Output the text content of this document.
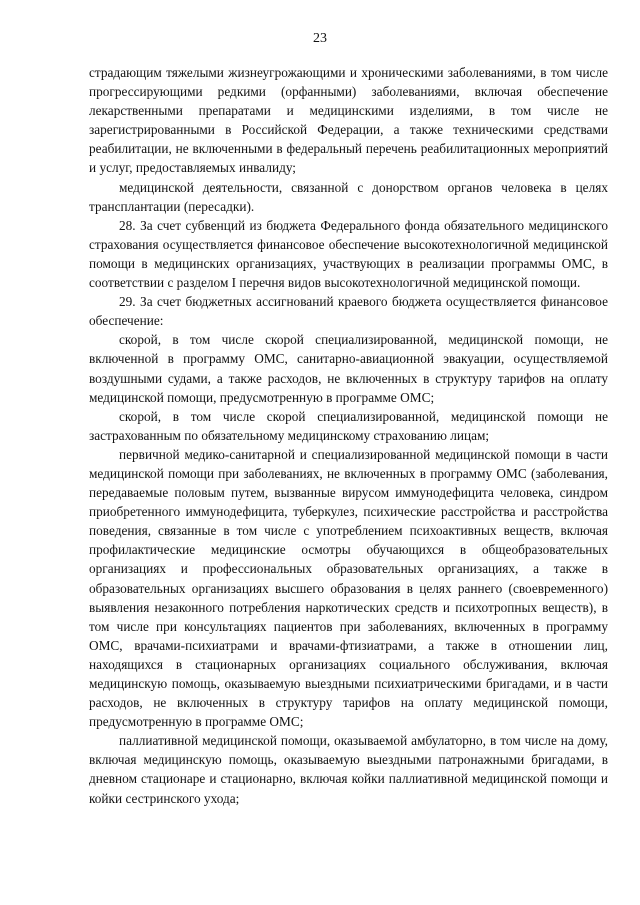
23

страдающим тяжелыми жизнеугрожающими и хроническими заболеваниями, в том числе прогрессирующими редкими (орфанными) заболеваниями, включая обеспечение лекарственными препаратами и медицинскими изделиями, в том числе не зарегистрированными в Российской Федерации, а также техническими средствами реабилитации, не включенными в федеральный перечень реабилитационных мероприятий и услуг, предоставляемых инвалиду;

медицинской деятельности, связанной с донорством органов человека в целях трансплантации (пересадки).

28. За счет субвенций из бюджета Федерального фонда обязательного медицинского страхования осуществляется финансовое обеспечение высокотехнологичной медицинской помощи в медицинских организациях, участвующих в реализации программы ОМС, в соответствии с разделом I перечня видов высокотехнологичной медицинской помощи.

29. За счет бюджетных ассигнований краевого бюджета осуществляется финансовое обеспечение:

скорой, в том числе скорой специализированной, медицинской помощи, не включенной в программу ОМС, санитарно-авиационной эвакуации, осуществляемой воздушными судами, а также расходов, не включенных в структуру тарифов на оплату медицинской помощи, предусмотренную в программе ОМС;

скорой, в том числе скорой специализированной, медицинской помощи не застрахованным по обязательному медицинскому страхованию лицам;

первичной медико-санитарной и специализированной медицинской помощи в части медицинской помощи при заболеваниях, не включенных в программу ОМС (заболевания, передаваемые половым путем, вызванные вирусом иммунодефицита человека, синдром приобретенного иммунодефицита, туберкулез, психические расстройства и расстройства поведения, связанные в том числе с употреблением психоактивных веществ, включая профилактические медицинские осмотры обучающихся в общеобразовательных организациях и профессиональных образовательных организациях, а также в образовательных организациях высшего образования в целях раннего (своевременного) выявления незаконного потребления наркотических средств и психотропных веществ), в том числе при консультациях пациентов при заболеваниях, включенных в программу ОМС, врачами-психиатрами и врачами-фтизиатрами, а также в отношении лиц, находящихся в стационарных организациях социального обслуживания, включая медицинскую помощь, оказываемую выездными психиатрическими бригадами, и в части расходов, не включенных в структуру тарифов на оплату медицинской помощи, предусмотренную в программе ОМС;

паллиативной медицинской помощи, оказываемой амбулаторно, в том числе на дому, включая медицинскую помощь, оказываемую выездными патронажными бригадами, в дневном стационаре и стационарно, включая койки паллиативной медицинской помощи и койки сестринского ухода;
